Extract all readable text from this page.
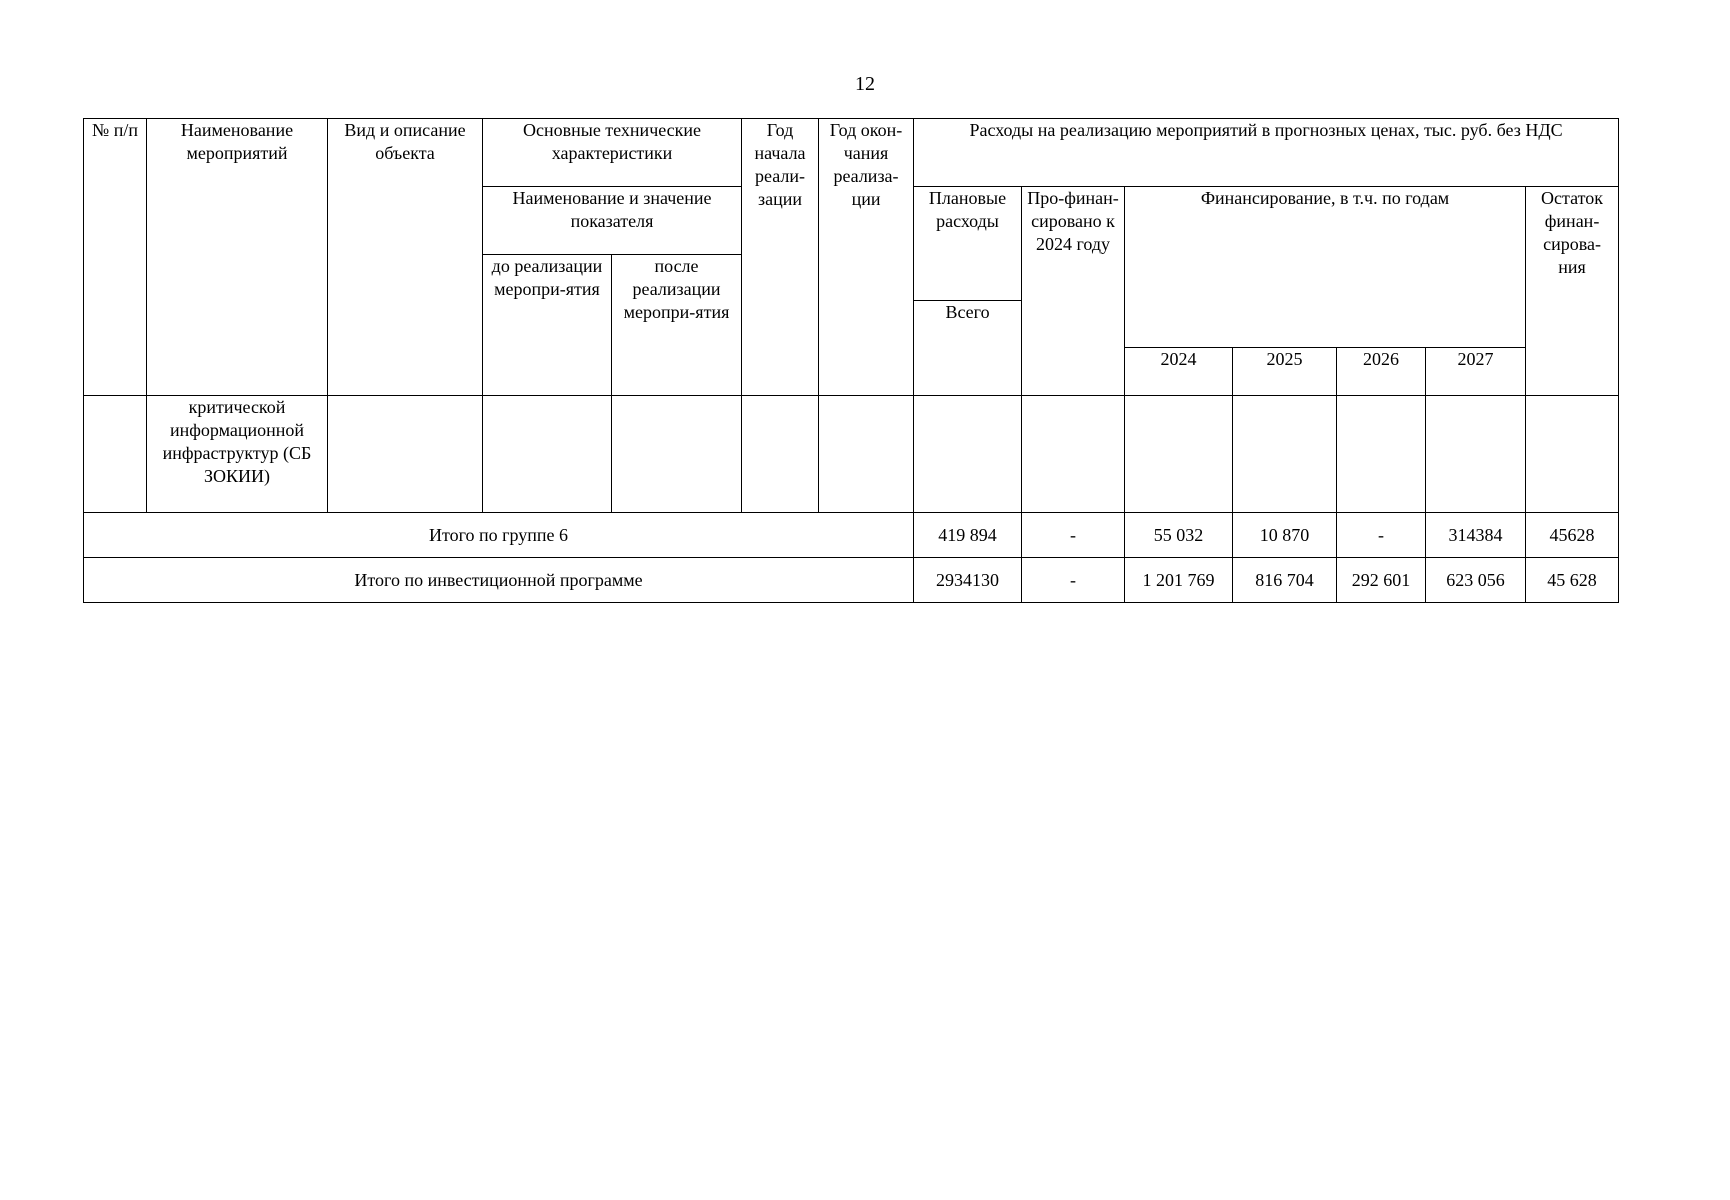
12
№ п/п	Наименование мероприятий	Вид и описание объекта	Основные технические характеристики		Год начала реали-зации	Год окон-чания реализа-ции	Расходы на реализацию мероприятий в прогнозных ценах, тыс. руб. без НДС						
			Наименование и значение показателя				Плановые расходы	Про-финан-сировано к 2024 году	Финансирование, в т.ч. по годам				Остаток финан-сирова-ния
			до реализации меропри-ятия	после реализации меропри-ятия									
							Всего						
									2024	2025	2026	2027	
	критической информационной инфраструктур (СБ ЗОКИИ)												
Итого по группе 6							419 894	-	55 032	10 870	-	314384	45628
Итого по инвестиционной программе							2934130	-	1 201 769	816 704	292 601	623 056	45 628
